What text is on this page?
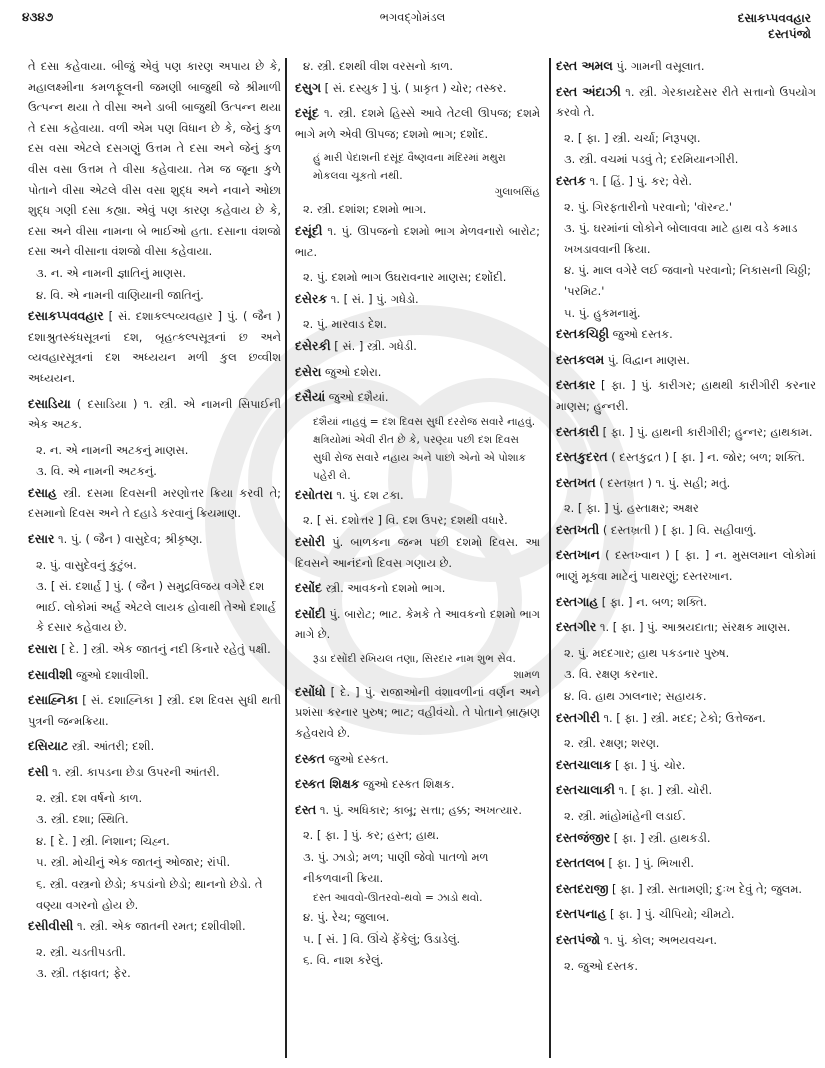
૪૩૪૭	ભગવદ્ગોમંડલ	દસાકપ્પવવહાર
દસ્તપંજો
તે દસા કહેવાયા. બીજું એવું પણ કારણ અપાય છે કે, મહાલક્ષ્મીના કમળફૂલની જમણી બાજુથી જે શ્રીમાળી ઉત્પન્ન થયા તે વીસા અને ડાબી બાજુથી ઉત્પન્ન થયા તે દસા કહેવાયા. વળી એમ પણ વિધાન છે કે, જેનું કુળ દસ વસા એટલે દસગણું ઉત્તમ તે દસા અને જેનું કુળ વીસ વસા ઉત્તમ તે વીસા કહેવાયા. તેમ જ જૂના કુળે પોતાને વીસા એટલે વીસ વસા શુદ્ધ અને નવાને ઓછા શુદ્ધ ગણી દસા કહ્યા. એવું પણ કારણ કહેવાય છે કે, દસા અને વીસા નામના બે ભાઈઓ હતા. દસાના વંશજો દસા અને વીસાના વંશજો વીસા કહેવાયા.
૩. ન. એ નામની જ્ઞાતિનું માણસ.
૪. વિ. એ નામની વાણિયાની જાતિનું.
દસાકપ્પવવહાર [ સં. દશાકલ્પવ્યવહાર ] પું. ( જૈન ) દશાશ્રુતસ્કંધસૂત્રનાં દશ, બૃહત્કલ્પસૂત્રનાં છ અને વ્યવહારસૂત્રનાં દશ અધ્યયન મળી કુલ છવ્વીશ અધ્યયન.
દસાડિયા ( દસાડિયા ) ૧. સ્ત્રી. એ નામની સિપાઈની એક અટક.
૨. ન. એ નામની અટકનું માણસ.
૩. વિ. એ નામની અટકનું.
દસાહ સ્ત્રી. દસમા દિવસની મરણોત્તર ક્રિયા કરવી તે; દસમાનો દિવસ અને તે દહાડે કરવાનું ક્રિયમાણ.
દસાર ૧. પું. ( જૈન ) વાસુદેવ; શ્રીકૃષ્ણ.
૨. પું. વાસુદેવનું કુટુંબ.
૩. [ સં. દશાર્હ ] પું. ( જૈન ) સમુદ્રવિજય વગેરે દશ ભાઈ. લોકોમાં અર્હ એટલે લાયક હોવાથી તેઓ દશાર્હ કે દસાર કહેવાય છે.
દસારા [ દે. ] સ્ત્રી. એક જાતનું નદી કિનારે રહેતું પક્ષી.
દસાવીશી જુઓ દશાવીશી.
દસાહ્નિકા [ સં. દશાહ્નિકા ] સ્ત્રી. દશ દિવસ સુધી થતી પુત્રની જન્મક્રિયા.
દસિયાટ સ્ત્રી. આંતરી; દશી.
દસી ૧. સ્ત્રી. કાપડના છેડા ઉપરની આંતરી.
૨. સ્ત્રી. દશ વર્ષનો કાળ.
૩. સ્ત્રી. દશા; સ્થિતિ.
૪. [ દે. ] સ્ત્રી. નિશાન; ચિહ્ન.
૫. સ્ત્રી. મોચીનું એક જાતનું ઓજાર; રાંપી.
૬. સ્ત્રી. વસ્ત્રનો છેડો; કપડાંનો છેડો; થાનનો છેડો. તે વણ્યા વગરનો હોય છે.
દસીવીસી ૧. સ્ત્રી. એક જાતની રમત; દશીવીશી.
૨. સ્ત્રી. ચડતીપડતી.
૩. સ્ત્રી. તફાવત; ફેર.
૪. સ્ત્રી. દશથી વીશ વરસનો કાળ.
દસુગ [ સં. દસ્યુક ] પું. ( પ્રાકૃત ) ચોર; તસ્કર.
દસૂંદ ૧. સ્ત્રી. દશમે હિસ્સે આવે તેટલી ઊપજ; દશમે ભાગે મળે એવી ઊપજ; દશમો ભાગ; દશોંદ.
હું મારી પેદાશની દસૂંદ વૈષ્ણવના મંદિરમાં મથુરા મોકલવા ચૂકતો નથી.
ગુલાબસિંહ
૨. સ્ત્રી. દશાંશ; દશમો ભાગ.
દસૂંદી ૧. પું. ઊપજનો દશમો ભાગ મેળવનારો બારોટ; ભાટ.
૨. પું. દશમો ભાગ ઉઘરાવનાર માણસ; દશોંદી.
દસેરક ૧. [ સં. ] પું. ગધેડો.
૨. પું. મારવાડ દેશ.
દસેરકી [ સં. ] સ્ત્રી. ગધેડી.
દસેરા જુઓ દશેરા.
દસૈયાં જુઓ દશૈયાં.
દશૈયાં નાહવું = દશ દિવસ સુધી દરરોજ સવારે નાહવું. ક્ષત્રિયોમાં એવી રીત છે કે, પરણ્યા પછી દશ દિવસ સુધી રોજ સવારે નહાય અને પાછો એનો એ પોશાક પહેરી લે.
દસોતરા ૧. પું. દશ ટકા.
૨. [ સં. દશોત્તર ] વિ. દશ ઉપર; દશથી વધારે.
દસોરી પું. બાળકના જન્મ પછી દશમો દિવસ. આ દિવસને આનંદનો દિવસ ગણાય છે.
દસોંદ સ્ત્રી. આવકનો દશમો ભાગ.
દસોંદી પું. બારોટ; ભાટ. કેમકે તે આવકનો દશમો ભાગ માગે છે.
રૂડા દસોંદી રખિયલ તણા, સિરદાર નામ શુભ સેવ.
શામળ
દસોંધો [ દે. ] પું. રાજાઓની વંશાવળીનાં વર્ણન અને પ્રશંસા કરનાર પુરુષ; ભાટ; વહીવંચો. તે પોતાને બ્રાહ્મણ કહેવરાવે છે.
દસ્કત જુઓ દસ્કત.
દસ્કત શિક્ષક જુઓ દસ્કત શિક્ષક.
દસ્ત ૧. પું. અધિકાર; કાબૂ; સત્તા; હક્ક; અખત્યાર.
૨. [ ફા. ] પું. કર; હસ્ત; હાથ.
૩. પું. ઝાડો; મળ; પાણી જેવો પાતળો મળ નીકળવાની ક્રિયા.
દસ્ત આવવો-ઊતરવો-થવો = ઝાડો થવો.
૪. પું. રેચ; જુલાબ.
૫. [ સં. ] વિ. ઊંચે ફેંકેલું; ઉડાડેલું.
૬. વિ. નાશ કરેલું.
દસ્ત અમલ પું. ગામની વસૂલાત.
દસ્ત અંદાઝી ૧. સ્ત્રી. ગેરકાયદેસર રીતે સત્તાનો ઉપયોગ કરવો તે.
૨. [ ફા. ] સ્ત્રી. ચર્ચા; નિરૂપણ.
૩. સ્ત્રી. વચમાં પડવું તે; દરમિયાનગીરી.
દસ્તક ૧. [ હિં. ] પું. કર; વેરો.
૨. પું. ગિરફતારીનો પરવાનો; 'વૉરન્ટ.'
૩. પું. ઘરમાંનાં લોકોને બોલાવવા માટે હાથ વડે કમાડ ખખડાવવાની ક્રિયા.
૪. પું. માલ વગેરે લઈ જવાનો પરવાનો; નિકાસની ચિઠ્ઠી; 'પરમિટ.'
૫. પું. હુકમનામું.
દસ્તકચિઠ્ઠી જુઓ દસ્તક.
દસ્તકલમ પું. વિદ્વાન માણસ.
દસ્તકાર [ ફા. ] પું. કારીગર; હાથથી કારીગીરી કરનાર માણસ; હુન્નરી.
દસ્તકારી [ ફા. ] પું. હાથની કારીગીરી; હુન્નર; હાથકામ.
દસ્તકુદરત ( દસ્તકુદ્રત ) [ ફા. ] ન. જોર; બળ; શક્તિ.
દસ્તખત ( દસ્તખ્રત ) ૧. પું. સહી; મતું.
૨. [ ફા. ] પું. હસ્તાક્ષર; અક્ષર
દસ્તખતી ( દસ્તખ્રતી ) [ ફા. ] વિ. સહીવાળું.
દસ્તખાન ( દસ્તખ્વાન ) [ ફા. ] ન. મુસલમાન લોકોમાં ભાણું મૂકવા માટેનું પાથરણું; દસ્તરખાન.
દસ્તગાહ [ ફા. ] ન. બળ; શક્તિ.
દસ્તગીર ૧. [ ફા. ] પું. આશ્રયદાતા; સંરક્ષક માણસ.
૨. પું. મદદગાર; હાથ પકડનાર પુરુષ.
૩. વિ. રક્ષણ કરનાર.
૪. વિ. હાથ ઝાલનાર; સહાયક.
દસ્તગીરી ૧. [ ફા. ] સ્ત્રી. મદદ; ટેકો; ઉત્તેજન.
૨. સ્ત્રી. રક્ષણ; શરણ.
દસ્તચાલાક [ ફા. ] પું. ચોર.
દસ્તચાલાકી ૧. [ ફા. ] સ્ત્રી. ચોરી.
૨. સ્ત્રી. માંહોમાંહેની લડાઈ.
દસ્તજંજીર [ ફા. ] સ્ત્રી. હાથકડી.
દસ્તતલબ [ ફા. ] પું. ભિખારી.
દસ્તદરાજી [ ફા. ] સ્ત્રી. સતામણી; દુઃખ દેવું તે; જુલમ.
દસ્તપનાહ [ ફા. ] પું. ચીપિયો; ચીમટો.
દસ્તપંજો ૧. પું. કોલ; અભયવચન.
૨. જુઓ દસ્તક.
